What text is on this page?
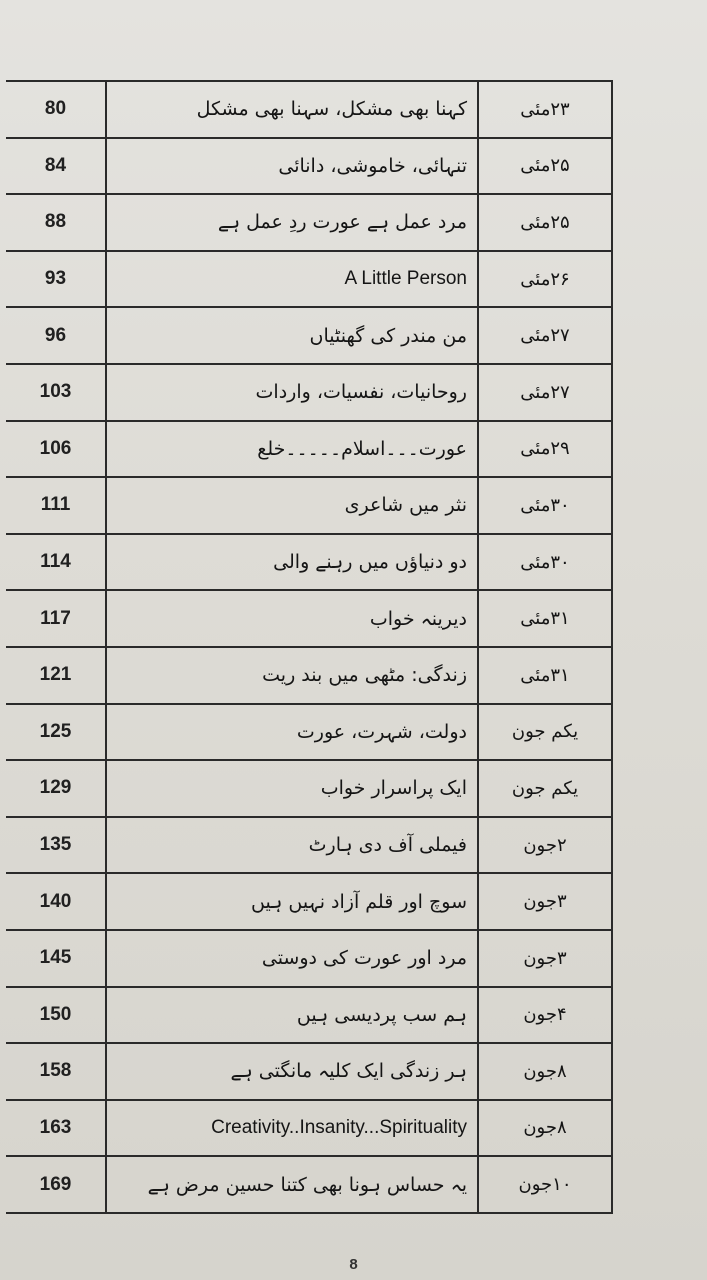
80	کہنا بھی مشکل، سہنا بھی مشکل	۲۳مئی
84	تنہائی، خاموشی، دانائی	۲۵مئی
88	مرد عمل ہے عورت ردِ عمل ہے	۲۵مئی
93	A Little Person	۲۶مئی
96	من مندر کی گھنٹیاں	۲۷مئی
103	روحانیات، نفسیات، واردات	۲۷مئی
106	عورت۔۔۔اسلام۔۔۔۔۔خلع	۲۹مئی
111	نثر میں شاعری	۳۰مئی
114	دو دنیاؤں میں رہنے والی	۳۰مئی
117	دیرینہ خواب	۳۱مئی
121	زندگی: مٹھی میں بند ریت	۳۱مئی
125	دولت، شہرت، عورت	یکم جون
129	ایک پراسرار خواب	یکم جون
135	فیملی آف دی ہارٹ	۲جون
140	سوچ اور قلم آزاد نہیں ہیں	۳جون
145	مرد اور عورت کی دوستی	۳جون
150	ہم سب پردیسی ہیں	۴جون
158	ہر زندگی ایک کلیہ مانگتی ہے	۸جون
163	Creativity..Insanity...Spirituality	۸جون
169	یہ حساس ہونا بھی کتنا حسین مرض ہے	۱۰جون
8
